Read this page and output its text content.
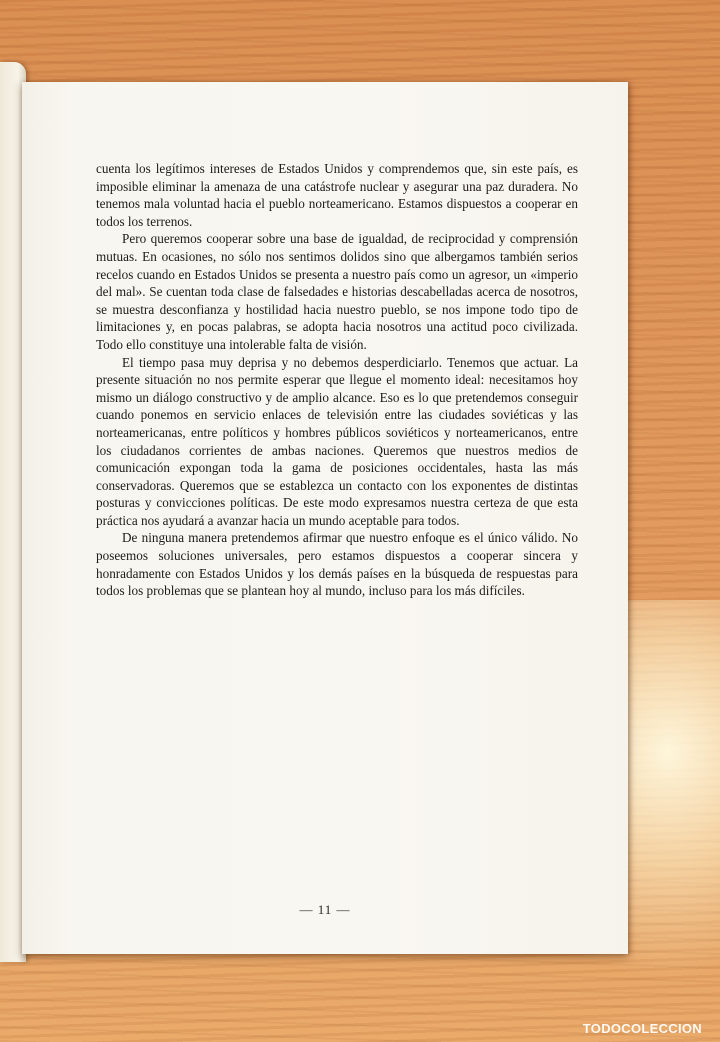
cuenta los legítimos intereses de Estados Unidos y comprendemos que, sin este país, es imposible eliminar la amenaza de una catástrofe nuclear y asegurar una paz duradera. No tenemos mala voluntad hacia el pueblo norteamericano. Estamos dispuestos a cooperar en todos los terrenos.

Pero queremos cooperar sobre una base de igualdad, de reciprocidad y comprensión mutuas. En ocasiones, no sólo nos sentimos dolidos sino que albergamos también serios recelos cuando en Estados Unidos se presenta a nuestro país como un agresor, un «imperio del mal». Se cuentan toda clase de falsedades e historias descabelladas acerca de nosotros, se muestra desconfianza y hostilidad hacia nuestro pueblo, se nos impone todo tipo de limitaciones y, en pocas palabras, se adopta hacia nosotros una actitud poco civilizada. Todo ello constituye una intolerable falta de visión.

El tiempo pasa muy deprisa y no debemos desperdiciarlo. Tenemos que actuar. La presente situación no nos permite esperar que llegue el momento ideal: necesitamos hoy mismo un diálogo constructivo y de amplio alcance. Eso es lo que pretendemos conseguir cuando ponemos en servicio enlaces de televisión entre las ciudades soviéticas y las norteamericanas, entre políticos y hombres públicos soviéticos y norteamericanos, entre los ciudadanos corrientes de ambas naciones. Queremos que nuestros medios de comunicación expongan toda la gama de posiciones occidentales, hasta las más conservadoras. Queremos que se establezca un contacto con los exponentes de distintas posturas y convicciones políticas. De este modo expresamos nuestra certeza de que esta práctica nos ayudará a avanzar hacia un mundo aceptable para todos.

De ninguna manera pretendemos afirmar que nuestro enfoque es el único válido. No poseemos soluciones universales, pero estamos dispuestos a cooperar sincera y honradamente con Estados Unidos y los demás países en la búsqueda de respuestas para todos los problemas que se plantean hoy al mundo, incluso para los más difíciles.

— 11 —
TODOCOLECCION
